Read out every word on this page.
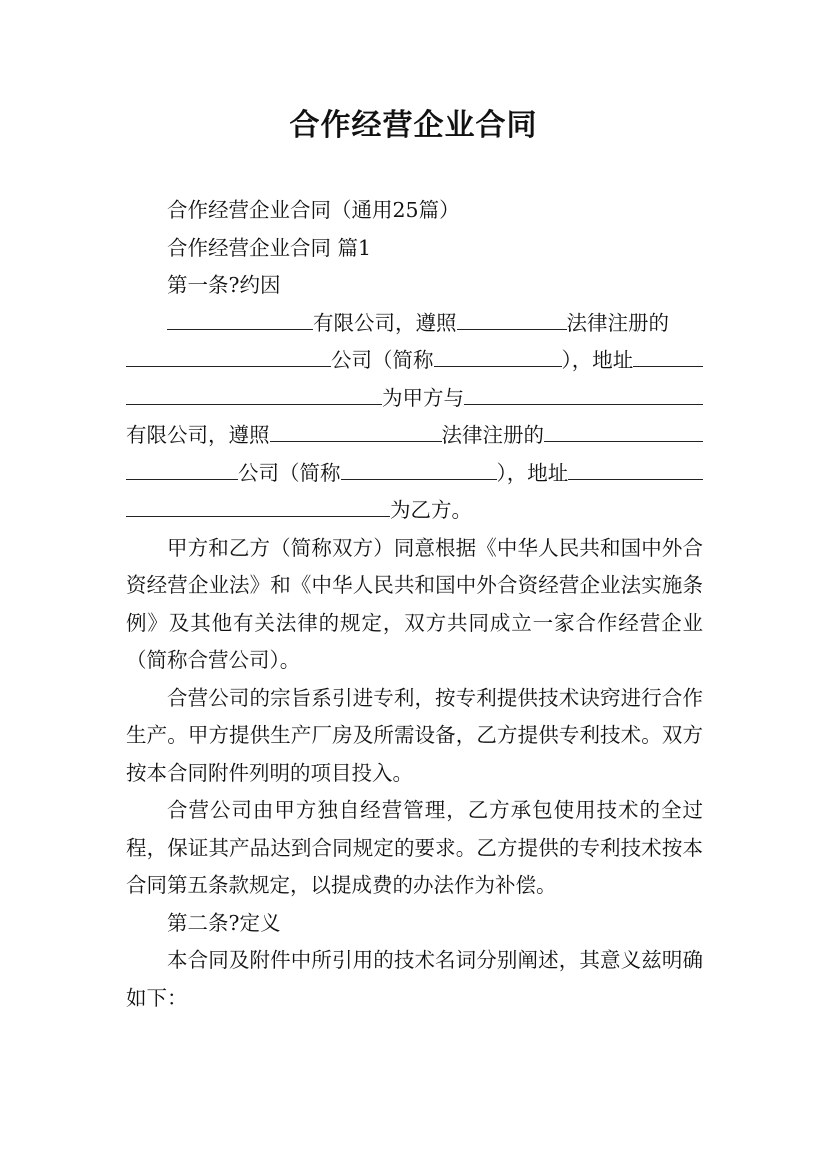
合作经营企业合同

合作经营企业合同（通用25篇）

合作经营企业合同 篇1

第一条?约因

有限公司，遵照	法律注册的
公司（简称	），地址
为甲方与
有限公司，遵照	法律注册的
公司（简称	），地址
为乙方。

甲方和乙方（简称双方）同意根据《中华人民共和国中外合资经营企业法》和《中华人民共和国中外合资经营企业法实施条例》及其他有关法律的规定，双方共同成立一家合作经营企业（简称合营公司）。

合营公司的宗旨系引进专利，按专利提供技术诀窍进行合作生产。甲方提供生产厂房及所需设备，乙方提供专利技术。双方按本合同附件列明的项目投入。

合营公司由甲方独自经营管理，乙方承包使用技术的全过程，保证其产品达到合同规定的要求。乙方提供的专利技术按本合同第五条款规定，以提成费的办法作为补偿。

第二条?定义

本合同及附件中所引用的技术名词分别阐述，其意义兹明确如下：
